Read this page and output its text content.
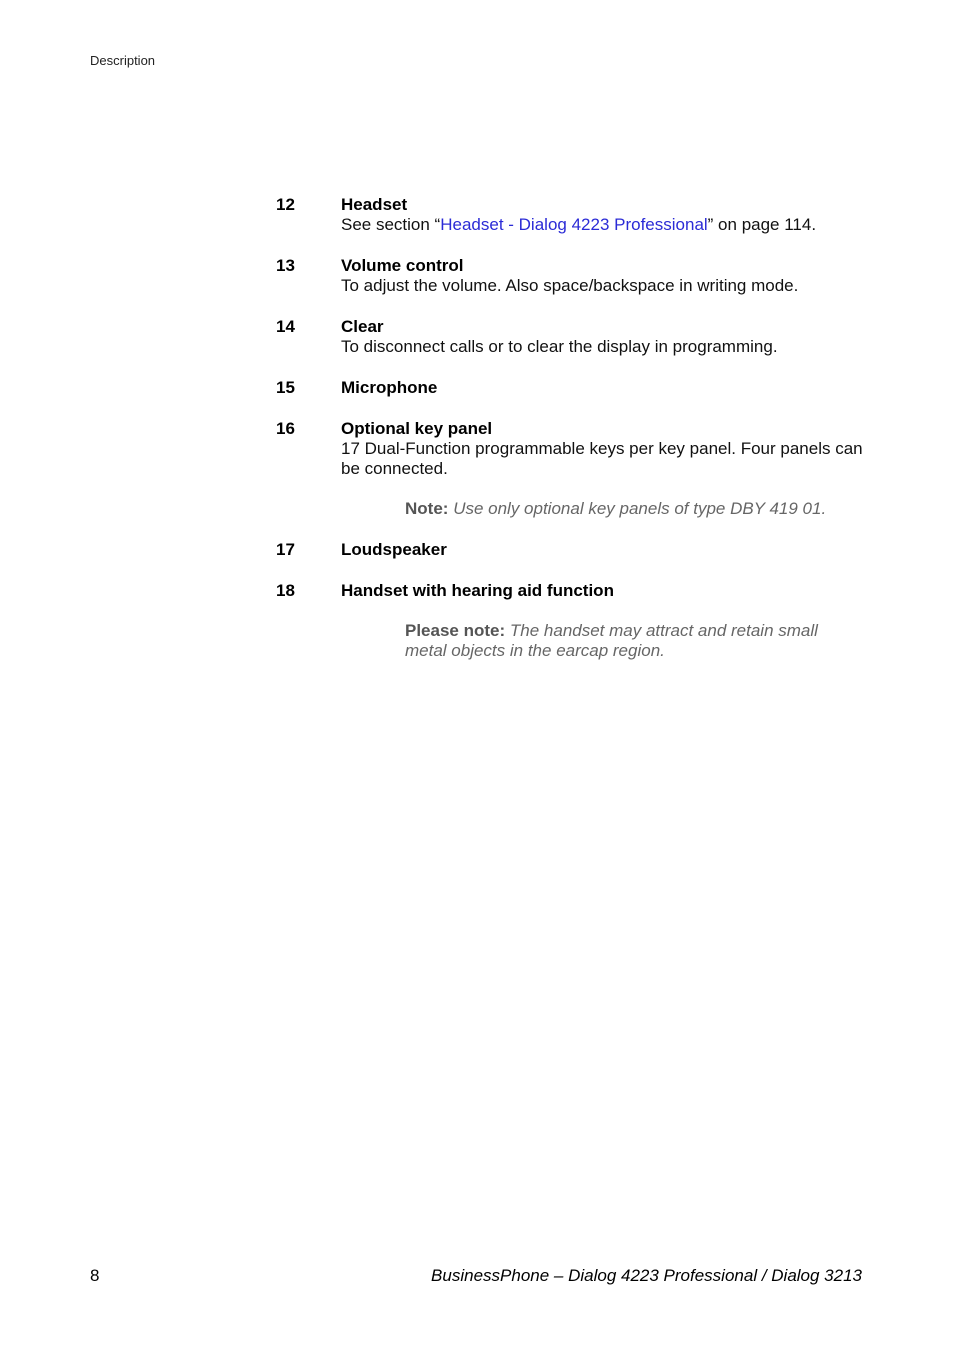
Description
12	Headset
See section “Headset - Dialog 4223 Professional” on page 114.
13	Volume control
To adjust the volume. Also space/backspace in writing mode.
14	Clear
To disconnect calls or to clear the display in programming.
15	Microphone
16	Optional key panel
17 Dual-Function programmable keys per key panel. Four panels can be connected.
Note: Use only optional key panels of type DBY 419 01.
17	Loudspeaker
18	Handset with hearing aid function
Please note: The handset may attract and retain small metal objects in the earcap region.
8	BusinessPhone – Dialog 4223 Professional / Dialog 3213
